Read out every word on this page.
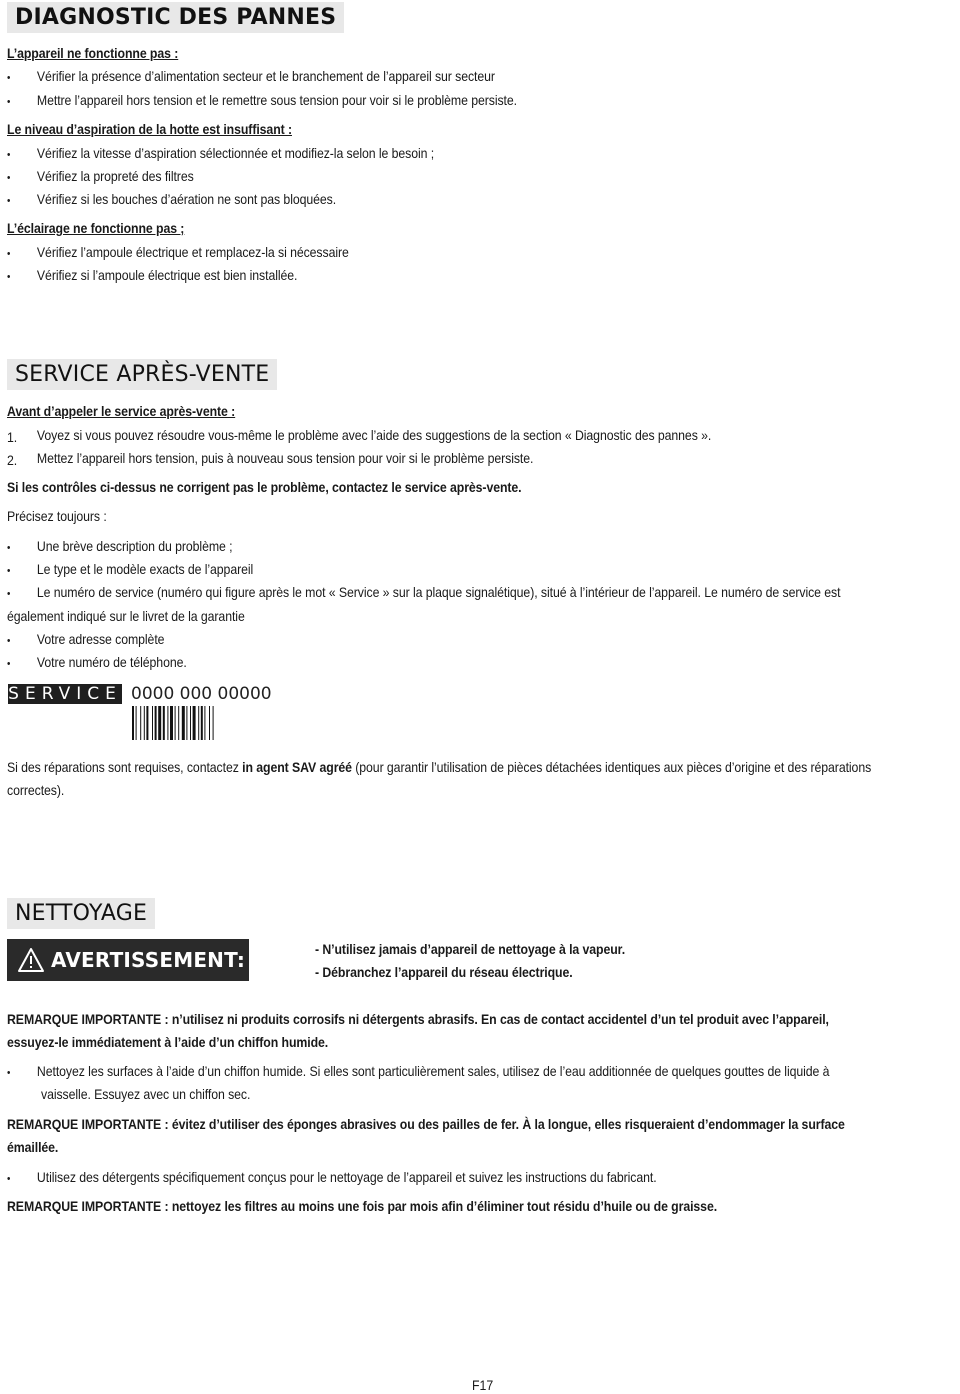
DIAGNOSTIC DES PANNES
L’appareil ne fonctionne pas :
• Vérifier la présence d’alimentation secteur et le branchement de l’appareil sur secteur
• Mettre l’appareil hors tension et le remettre sous tension pour voir si le problème persiste.
Le niveau d’aspiration de la hotte est insuffisant :
• Vérifiez la vitesse d’aspiration sélectionnée et modifiez-la selon le besoin ;
• Vérifiez la propreté des filtres
• Vérifiez si les bouches d’aération ne sont pas bloquées.
L’éclairage ne fonctionne pas ;
• Vérifiez l’ampoule électrique et remplacez-la si nécessaire
• Vérifiez si l’ampoule électrique est bien installée.
SERVICE APRÈS-VENTE
Avant d’appeler le service après-vente :
1. Voyez si vous pouvez résoudre vous-même le problème avec l’aide des suggestions de la section « Diagnostic des pannes ».
2. Mettez l’appareil hors tension, puis à nouveau sous tension pour voir si le problème persiste.
Si les contrôles ci-dessus ne corrigent pas le problème, contactez le service après-vente.
Précisez toujours :
• Une brève description du problème ;
• Le type et le modèle exacts de l’appareil
• Le numéro de service (numéro qui figure après le mot « Service » sur la plaque signalétique), situé à l’intérieur de l’appareil. Le numéro de service est
également indiqué sur le livret de la garantie
• Votre adresse complète
• Votre numéro de téléphone.
SERVICE 0000 000 00000
Si des réparations sont requises, contactez in agent SAV agréé (pour garantir l’utilisation de pièces détachées identiques aux pièces d’origine et des réparations
correctes).
NETTOYAGE
AVERTISSEMENT:	- N’utilisez jamais d’appareil de nettoyage à la vapeur.
- Débranchez l’appareil du réseau électrique.
REMARQUE IMPORTANTE : n’utilisez ni produits corrosifs ni détergents abrasifs. En cas de contact accidentel d’un tel produit avec l’appareil,
essuyez-le immédiatement à l’aide d’un chiffon humide.
• Nettoyez les surfaces à l’aide d’un chiffon humide. Si elles sont particulièrement sales, utilisez de l’eau additionnée de quelques gouttes de liquide à
vaisselle. Essuyez avec un chiffon sec.
REMARQUE IMPORTANTE : évitez d’utiliser des éponges abrasives ou des pailles de fer. À la longue, elles risqueraient d’endommager la surface
émaillée.
• Utilisez des détergents spécifiquement conçus pour le nettoyage de l’appareil et suivez les instructions du fabricant.
REMARQUE IMPORTANTE : nettoyez les filtres au moins une fois par mois afin d’éliminer tout résidu d’huile ou de graisse.
F17
